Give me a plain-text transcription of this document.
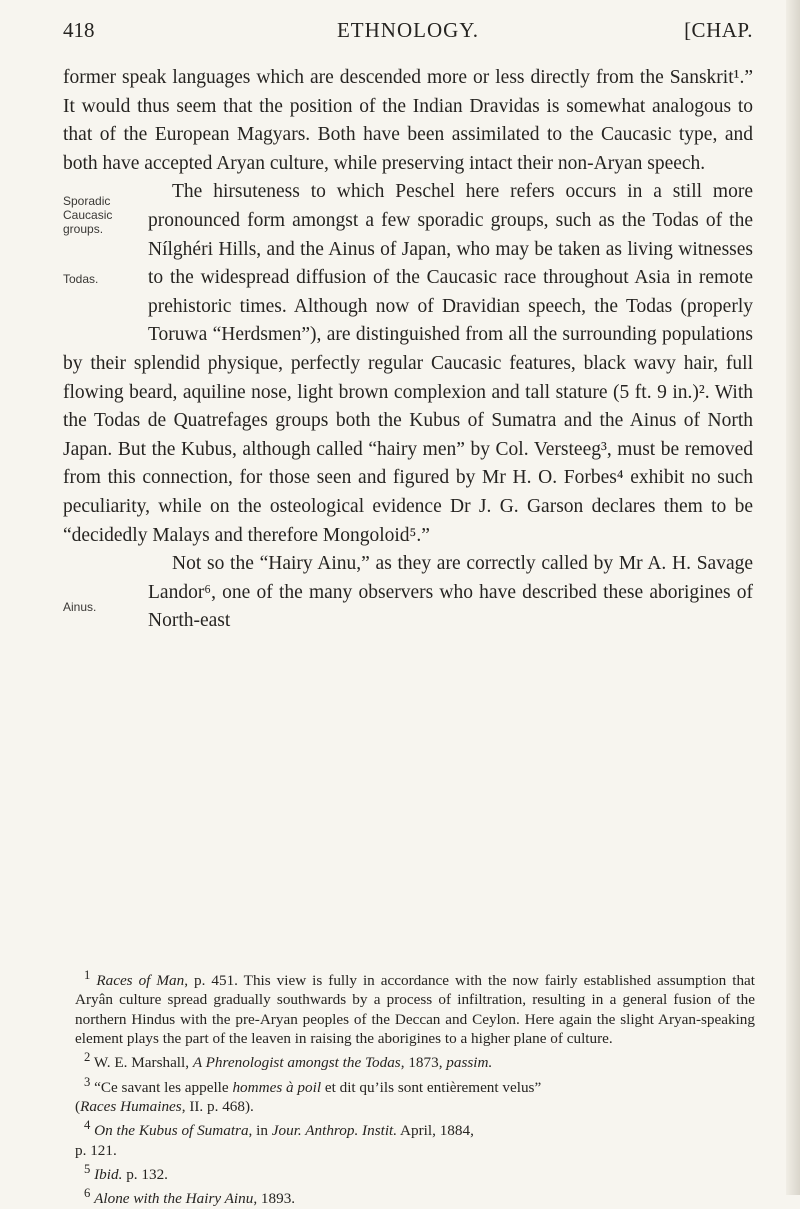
418	ETHNOLOGY.	[CHAP.

former speak languages which are descended more or less directly from the Sanskrit¹.” It would thus seem that the position of the Indian Dravidas is somewhat analogous to that of the European Magyars. Both have been assimilated to the Caucasic type, and both have accepted Aryan culture, while preserving intact their non-Aryan speech.

Sporadic Caucasic groups.
Todas.

The hirsuteness to which Peschel here refers occurs in a still more pronounced form amongst a few sporadic groups, such as the Todas of the Nílghéri Hills, and the Ainus of Japan, who may be taken as living witnesses to the widespread diffusion of the Caucasic race throughout Asia in remote prehistoric times. Although now of Dravidian speech, the Todas (properly Toruwa “Herdsmen”), are distinguished from all the surrounding populations by their splendid physique, perfectly regular Caucasic features, black wavy hair, full flowing beard, aquiline nose, light brown complexion and tall stature (5 ft. 9 in.)². With the Todas de Quatrefages groups both the Kubus of Sumatra and the Ainus of North Japan. But the Kubus, although called “hairy men” by Col. Versteeg³, must be removed from this connection, for those seen and figured by Mr H. O. Forbes⁴ exhibit no such peculiarity, while on the osteological evidence Dr J. G. Garson declares them to be “decidedly Malays and therefore Mongoloid⁵.”

Ainus.

Not so the “Hairy Ainu,” as they are correctly called by Mr A. H. Savage Landor⁶, one of the many observers who have described these aborigines of North-east

$^1$ Races of Man, p. 451. This view is fully in accordance with the now fairly established assumption that Aryân culture spread gradually southwards by a process of infiltration, resulting in a general fusion of the northern Hindus with the pre-Aryan peoples of the Deccan and Ceylon. Here again the slight Aryan-speaking element plays the part of the leaven in raising the aborigines to a higher plane of culture.

$^2$ W. E. Marshall, A Phrenologist amongst the Todas, 1873, passim.

$^3$ “Ce savant les appelle hommes à poil et dit qu’ils sont entièrement velus”

(Races Humaines, II. p. 468).

$^4$ On the Kubus of Sumatra, in Jour. Anthrop. Instit. April, 1884,

p. 121.

$^5$ Ibid. p. 132.

$^6$ Alone with the Hairy Ainu, 1893.
